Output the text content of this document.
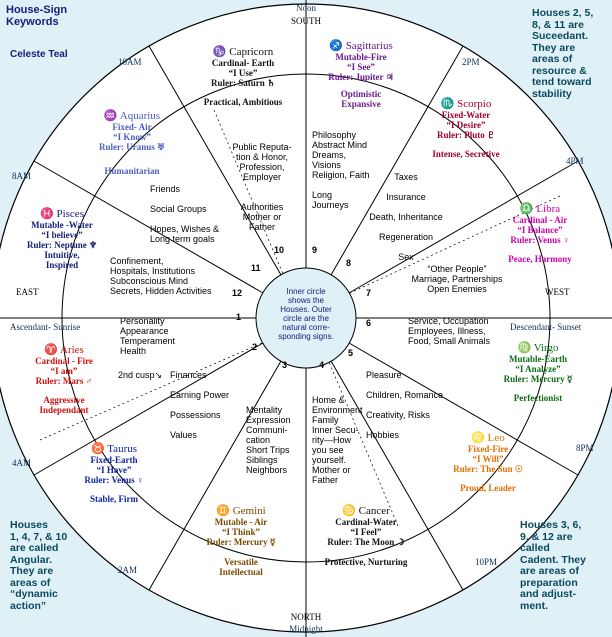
House-Sign
Keywords
Celeste Teal
Houses 2, 5,
8, & 11 are
Suceedant.
They are
areas of
resource &
tend toward
stability
Houses
1, 4, 7, & 10
are called
Angular.
They are
areas of
“dynamic
action”
Houses 3, 6,
9, & 12 are
called
Cadent. They
are areas of
preparation
and adjust-
ment.
Noon
SOUTH
NORTH
Midnight
EAST	WEST
Ascendant- Sunrise	Descendant- Sunset
10AM	2PM
8AM
4PM
4AM
8PM
2AM
10PM
Inner circle
shows the
Houses. Outer
circle are the
natural corre-
sponding signs.
1
2
3	4
5
6
7
8
9
10
11
12
Personality
Appearance
Temperament
Health
2nd cusp↘ Finances

Earning Power

Possessions

Values
Mentality
Expression
Communi-
cation
Short Trips
Siblings
Neighbors
Home &
Environment
Family
Inner Secu-
rity—How
you see
yourself.
Mother or
Father
Pleasure

Children, Romance

Creativity, Risks

Hobbies
Service, Occupation
Employees, Illness,
Food, Small Animals
“Other People”
Marriage, Partnerships
Open Enemies
Taxes

Insurance

Death, Inheritance

Regeneration

Sex
Philosophy
Abstract Mind
Dreams,
Visions
Religion, Faith

Long
Journeys
Public Reputa-
tion & Honor,
Profession,
Employer

Authorities
Mother or
Father
Friends

Social Groups

Hopes, Wishes &
Long term goals
Confinement,
Hospitals, Institutions
Subconscious Mind
Secrets, Hidden Activities
♑ Capricorn
Cardinal- Earth
“I Use”
Ruler: Saturn ♄
Practical, Ambitious
♐ Sagittarius
Mutable-Fire
“I See”
Ruler: Jupiter ♃
Optimistic
Expansive	♏ Scorpio
Fixed-Water
“I Desire”
Ruler: Pluto ♇
Intense, Secretive
♎ Libra
Cardinal - Air
“I Balance”
Ruler: Venus ♀
Peace, Harmony
♍ Virgo
Mutable-Earth
“I Analyze”
Ruler: Mercury ☿
Perfectionist
♌ Leo
Fixed-Fire
“I Will”
Ruler: The Sun ☉
Proud, Leader
♋ Cancer
Cardinal-Water
“I Feel”
Ruler: The Moon ☽
Protective, Nurturing
♊ Gemini
Mutable - Air
“I Think”
Ruler: Mercury ☿
Versatile
Intellectual
♉ Taurus
Fixed-Earth
“I Have”
Ruler: Venus ♀
Stable, Firm
♈ Aries
Cardinal - Fire
“I am”
Ruler: Mars ♂
Aggressive
Independant
♓ Pisces
Mutable -Water
“I believe”
Ruler: Neptune ♆
Intuitive,
Inspired
♒ Aquarius
Fixed- Air
“I Know”
Ruler: Uranus ♅
Humanitarian
